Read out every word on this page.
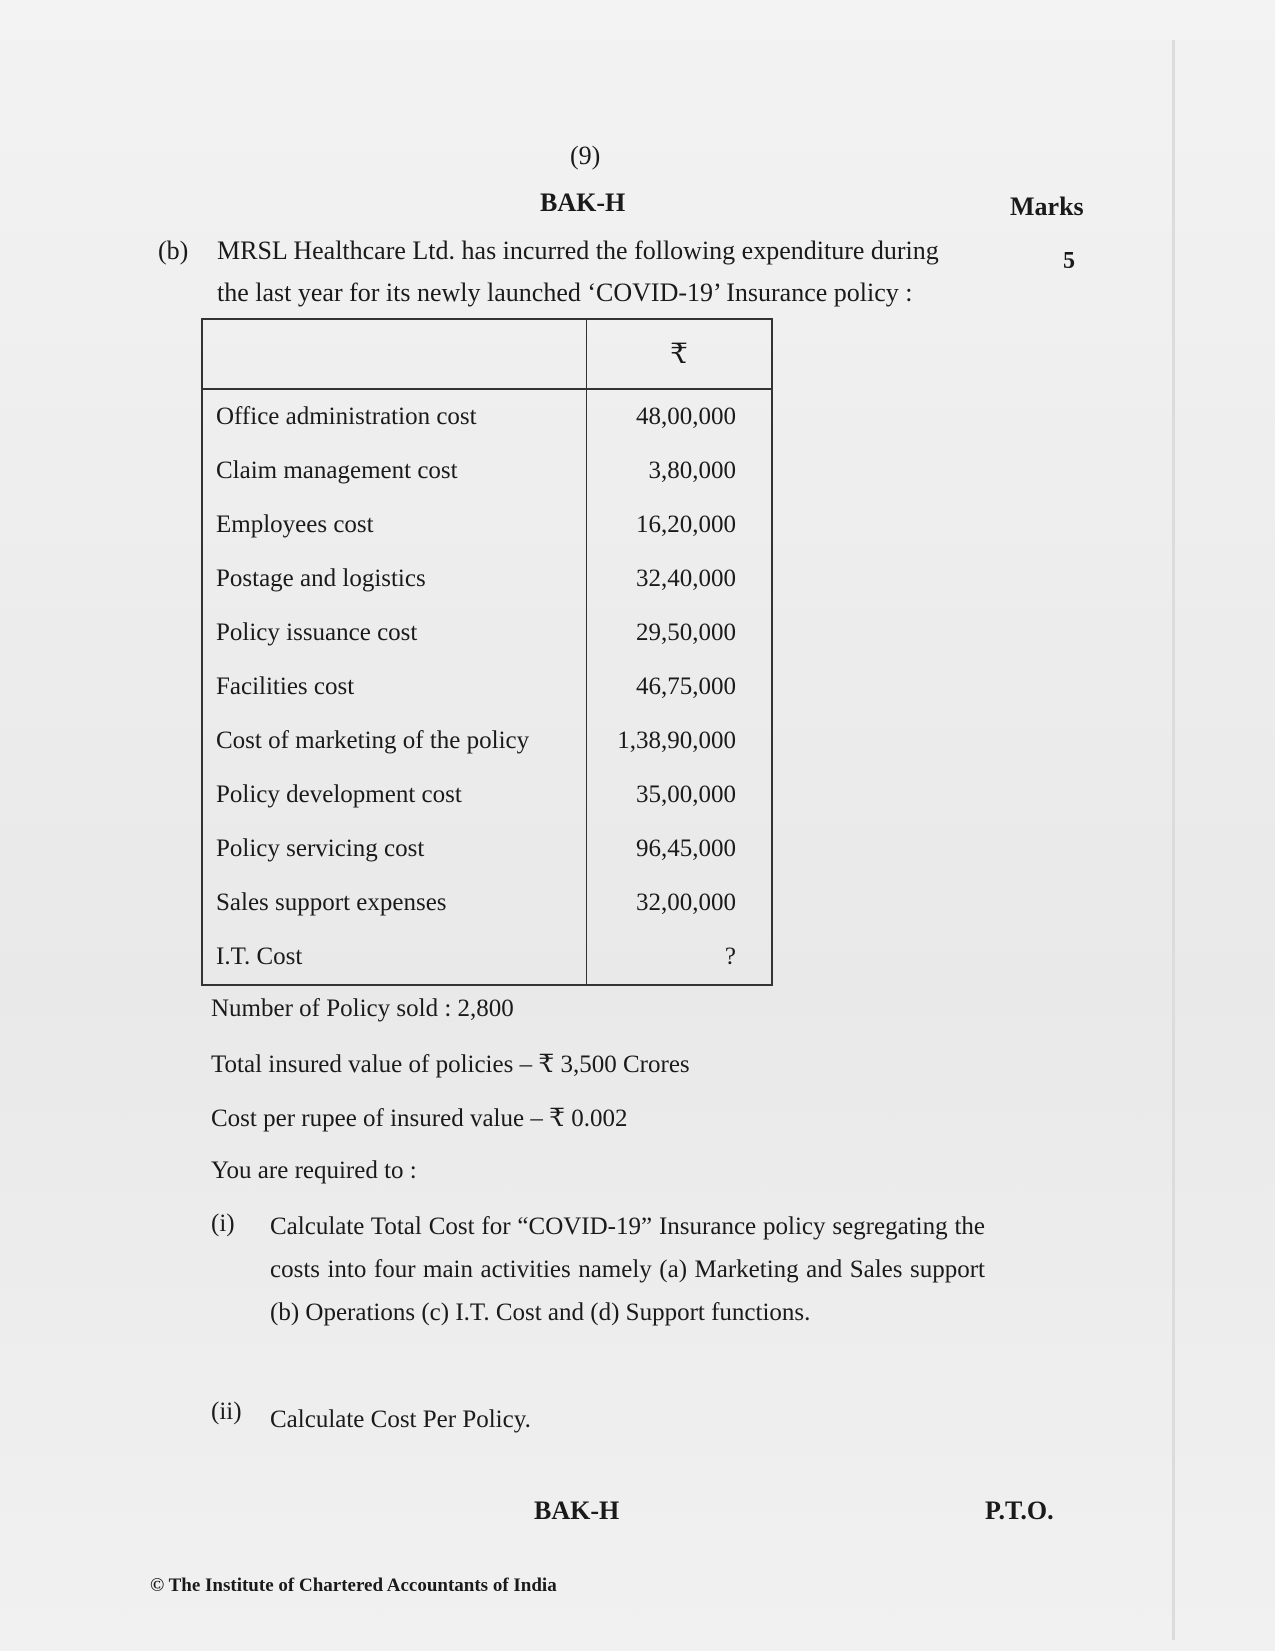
(9)
BAK-H	Marks
(b) MRSL Healthcare Ltd. has incurred the following expenditure during
the last year for its newly launched ‘COVID-19’ Insurance policy :
5
	₹
Office administration cost	48,00,000
Claim management cost	3,80,000
Employees cost	16,20,000
Postage and logistics	32,40,000
Policy issuance cost	29,50,000
Facilities cost	46,75,000
Cost of marketing of the policy	1,38,90,000
Policy development cost	35,00,000
Policy servicing cost	96,45,000
Sales support expenses	32,00,000
I.T. Cost	?
Number of Policy sold : 2,800
Total insured value of policies – ₹ 3,500 Crores
Cost per rupee of insured value – ₹ 0.002
You are required to :
(i) Calculate Total Cost for “COVID-19” Insurance policy segregating the costs into four main activities namely (a) Marketing and Sales support (b) Operations (c) I.T. Cost and (d) Support functions.
(ii) Calculate Cost Per Policy.
BAK-H	P.T.O.
© The Institute of Chartered Accountants of India
